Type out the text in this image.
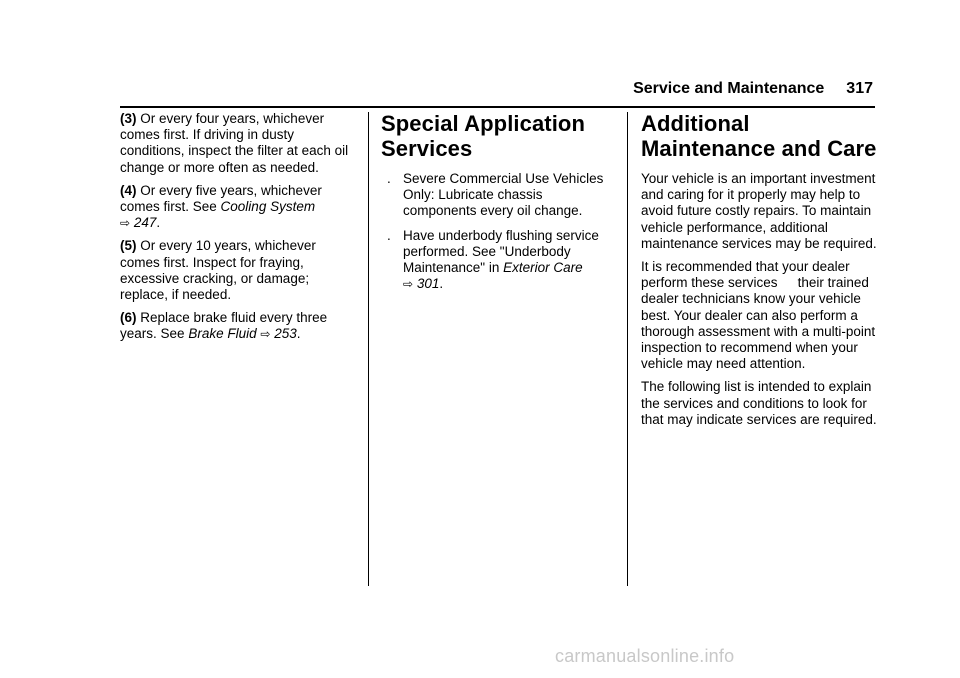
Service and Maintenance 317

(3) Or every four years, whichever comes first. If driving in dusty conditions, inspect the filter at each oil change or more often as needed.

(4) Or every five years, whichever comes first. See Cooling System
⇨ 247.

(5) Or every 10 years, whichever comes first. Inspect for fraying, excessive cracking, or damage; replace, if needed.

(6) Replace brake fluid every three years. See Brake Fluid ⇨ 253.

Special Application Services
. Severe Commercial Use Vehicles Only: Lubricate chassis components every oil change.
. Have underbody flushing service performed. See "Underbody Maintenance" in Exterior Care
⇨ 301.
Additional Maintenance and Care

Your vehicle is an important investment and caring for it properly may help to avoid future costly repairs. To maintain vehicle performance, additional maintenance services may be required.

It is recommended that your dealer perform these services their trained dealer technicians know your vehicle best. Your dealer can also perform a thorough assessment with a multi-point inspection to recommend when your vehicle may need attention.

The following list is intended to explain the services and conditions to look for that may indicate services are required.

carmanualsonline.info
